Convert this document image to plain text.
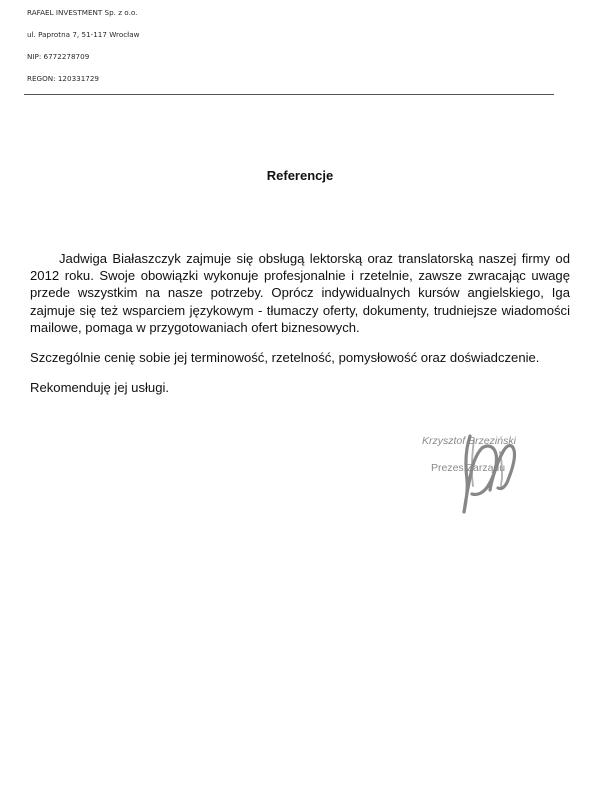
RAFAEL INVESTMENT Sp. z o.o.
ul. Paprotna 7, 51-117 Wrocław
NIP: 6772278709
REGON: 120331729
Referencje

Jadwiga Białaszczyk zajmuje się obsługą lektorską oraz translatorską naszej firmy od 2012 roku. Swoje obowiązki wykonuje profesjonalnie i rzetelnie, zawsze zwracając uwagę przede wszystkim na nasze potrzeby. Oprócz indywidualnych kursów angielskiego, Iga zajmuje się też wsparciem językowym - tłumaczy oferty, dokumenty, trudniejsze wiadomości mailowe, pomaga w przygotowaniach ofert biznesowych.

Szczególnie cenię sobie jej terminowość, rzetelność, pomysłowość oraz doświadczenie.

Rekomenduję jej usługi.

Krzysztof Brzeziński
Prezes Zarządu
